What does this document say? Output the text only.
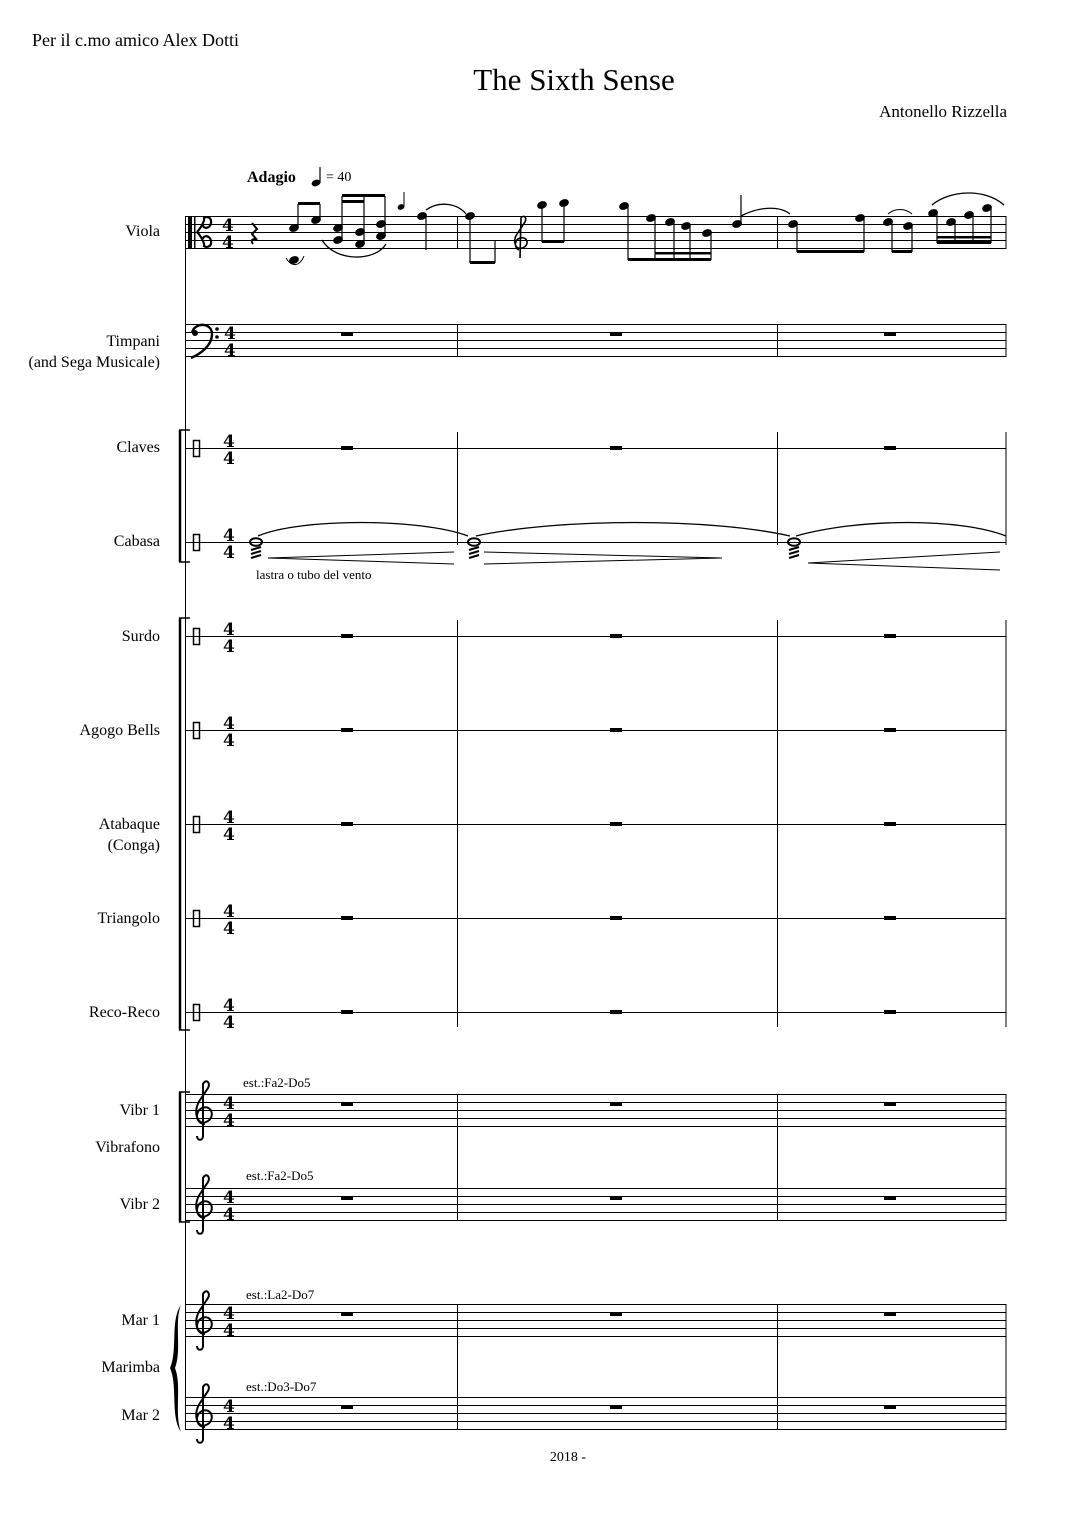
Per il c.mo amico Alex Dotti
The Sixth Sense
Antonello Rizzella
Adagio = 40
Viola
Timpani
(and Sega Musicale)
Claves
Cabasa
Surdo
Agogo Bells
Atabaque
(Conga)
Triangolo
Reco-Reco
Vibr 1
Vibrafono
Vibr 2
Mar 1
Marimba
Mar 2
lastra o tubo del vento
est.:Fa2-Do5
est.:Fa2-Do5
est.:La2-Do7
est.:Do3-Do7
2018 -
4
4
4
4
4
4
4
4
4
4
4
4
4
4
4
4
4
4
4
4
4
4
4
4
4
4
